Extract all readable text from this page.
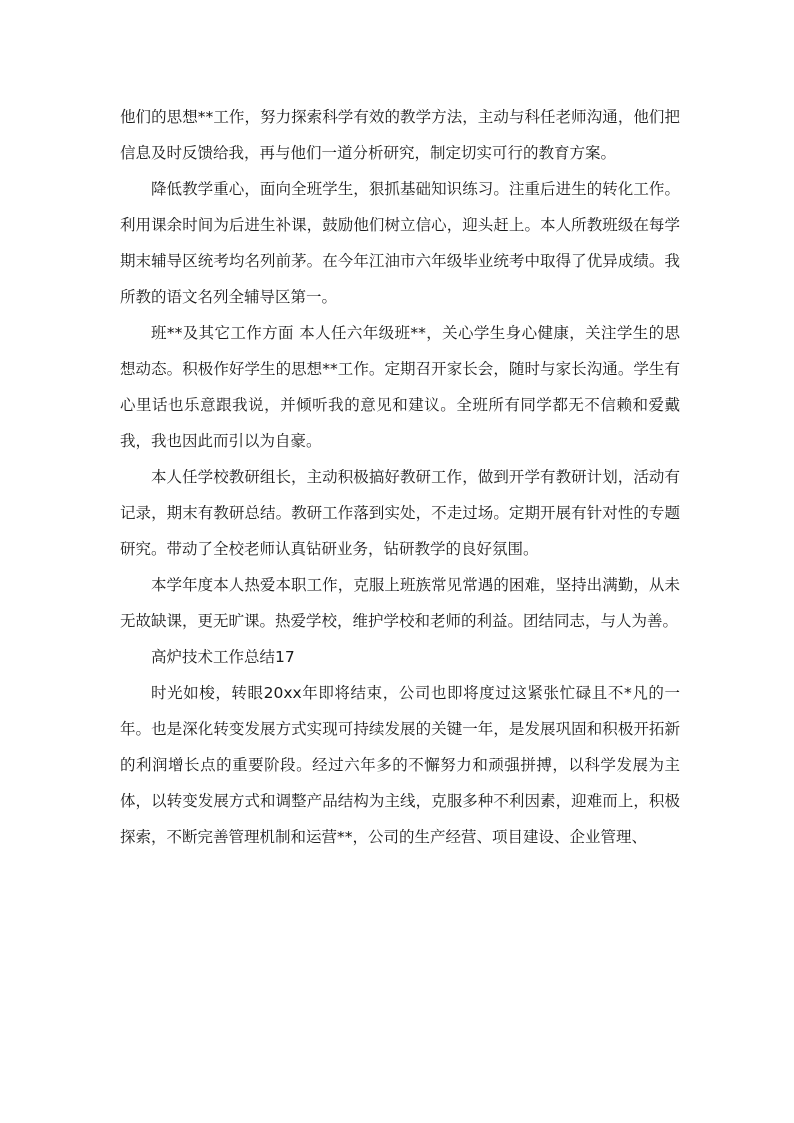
他们的思想**工作，努力探索科学有效的教学方法，主动与科任老师沟通，他们把信息及时反馈给我，再与他们一道分析研究，制定切实可行的教育方案。

降低教学重心，面向全班学生，狠抓基础知识练习。注重后进生的转化工作。利用课余时间为后进生补课，鼓励他们树立信心，迎头赶上。本人所教班级在每学期末辅导区统考均名列前茅。在今年江油市六年级毕业统考中取得了优异成绩。我所教的语文名列全辅导区第一。

班**及其它工作方面 本人任六年级班**，关心学生身心健康，关注学生的思想动态。积极作好学生的思想**工作。定期召开家长会，随时与家长沟通。学生有心里话也乐意跟我说，并倾听我的意见和建议。全班所有同学都无不信赖和爱戴我，我也因此而引以为自豪。

本人任学校教研组长，主动积极搞好教研工作，做到开学有教研计划，活动有记录，期末有教研总结。教研工作落到实处，不走过场。定期开展有针对性的专题研究。带动了全校老师认真钻研业务，钻研教学的良好氛围。

本学年度本人热爱本职工作，克服上班族常见常遇的困难，坚持出满勤，从未无故缺课，更无旷课。热爱学校，维护学校和老师的利益。团结同志，与人为善。

高炉技术工作总结17

时光如梭，转眼20xx年即将结束，公司也即将度过这紧张忙碌且不*凡的一年。也是深化转变发展方式实现可持续发展的关键一年，是发展巩固和积极开拓新的利润增长点的重要阶段。经过六年多的不懈努力和顽强拼搏，以科学发展为主体，以转变发展方式和调整产品结构为主线，克服多种不利因素，迎难而上，积极探索，不断完善管理机制和运营**，公司的生产经营、项目建设、企业管理、
